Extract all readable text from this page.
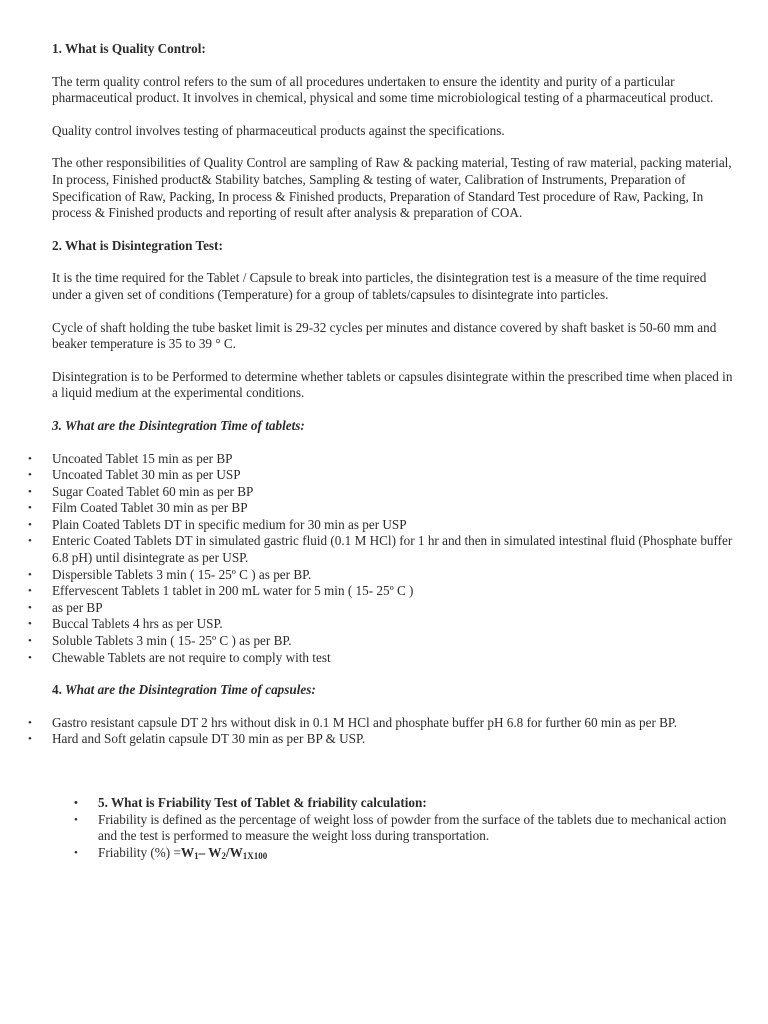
1. What is Quality Control:

The term quality control refers to the sum of all procedures undertaken to ensure the identity and purity of a particular pharmaceutical product. It involves in chemical, physical and some time microbiological testing of a pharmaceutical product.

Quality control involves testing of pharmaceutical products against the specifications.

The other responsibilities of Quality Control are sampling of Raw & packing material, Testing of raw material, packing material, In process, Finished product& Stability batches, Sampling & testing of water, Calibration of Instruments, Preparation of Specification of Raw, Packing, In process & Finished products, Preparation of Standard Test procedure of Raw, Packing, In process & Finished products and reporting of result after analysis & preparation of COA.

2. What is Disintegration Test:

It is the time required for the Tablet / Capsule to break into particles, the disintegration test is a measure of the time required under a given set of conditions (Temperature) for a group of tablets/capsules to disintegrate into particles.

Cycle of shaft holding the tube basket limit is 29-32 cycles per minutes and distance covered by shaft basket is 50-60 mm and beaker temperature is 35 to 39 ° C.

Disintegration is to be Performed to determine whether tablets or capsules disintegrate within the prescribed time when placed in a liquid medium at the experimental conditions.

3. What are the Disintegration Time of tablets:
• Uncoated Tablet 15 min as per BP
• Uncoated Tablet 30 min as per USP
• Sugar Coated Tablet 60 min as per BP
• Film Coated Tablet 30 min as per BP
• Plain Coated Tablets DT in specific medium for 30 min as per USP
• Enteric Coated Tablets DT in simulated gastric fluid (0.1 M HCl) for 1 hr and then in simulated intestinal fluid (Phosphate buffer 6.8 pH) until disintegrate as per USP.
• Dispersible Tablets 3 min ( 15- 25º C ) as per BP.
• Effervescent Tablets 1 tablet in 200 mL water for 5 min ( 15- 25º C )
• as per BP
• Buccal Tablets 4 hrs as per USP.
• Soluble Tablets 3 min ( 15- 25º C ) as per BP.
• Chewable Tablets are not require to comply with test
4. What are the Disintegration Time of capsules:
• Gastro resistant capsule DT 2 hrs without disk in 0.1 M HCl and phosphate buffer pH 6.8 for further 60 min as per BP.
• Hard and Soft gelatin capsule DT 30 min as per BP & USP.
• 5. What is Friability Test of Tablet & friability calculation:
• Friability is defined as the percentage of weight loss of powder from the surface of the tablets due to mechanical action and the test is performed to measure the weight loss during transportation.
• Friability (%) $=W_1-$ $W_2/W_{1X100}$
